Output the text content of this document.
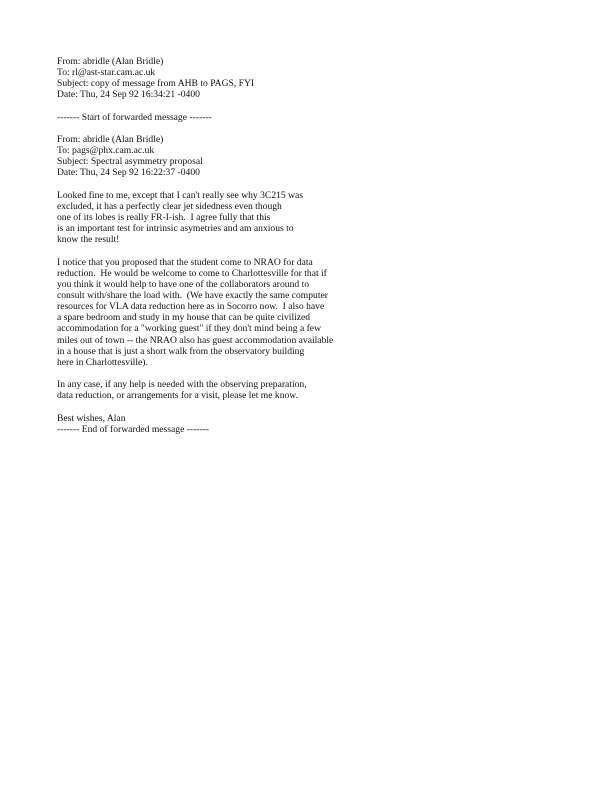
From: abridle (Alan Bridle)
To: rl@ast-star.cam.ac.uk
Subject: copy of message from AHB to PAGS, FYI
Date: Thu, 24 Sep 92 16:34:21 -0400
------- Start of forwarded message -------
From: abridle (Alan Bridle)
To: pags@phx.cam.ac.uk
Subject: Spectral asymmetry proposal
Date: Thu, 24 Sep 92 16:22:37 -0400
Looked fine to me, except that I can't really see why 3C215 was
excluded, it has a perfectly clear jet sidedness even though
one of its lobes is really FR-I-ish.  I agree fully that this
is an important test for intrinsic asymetries and am anxious to
know the result!
I notice that you proposed that the student come to NRAO for data
reduction.  He would be welcome to come to Charlottesville for that if
you think it would help to have one of the collaborators around to
consult with/share the load with.  (We have exactly the same computer
resources for VLA data reduction here as in Socorro now.  I also have
a spare bedroom and study in my house that can be quite civilized
accommodation for a "working guest" if they don't mind being a few
miles out of town -- the NRAO also has guest accommodation available
in a house that is just a short walk from the observatory building
here in Charlottesville).
In any case, if any help is needed with the observing preparation,
data reduction, or arrangements for a visit, please let me know.
Best wishes, Alan
------- End of forwarded message -------
